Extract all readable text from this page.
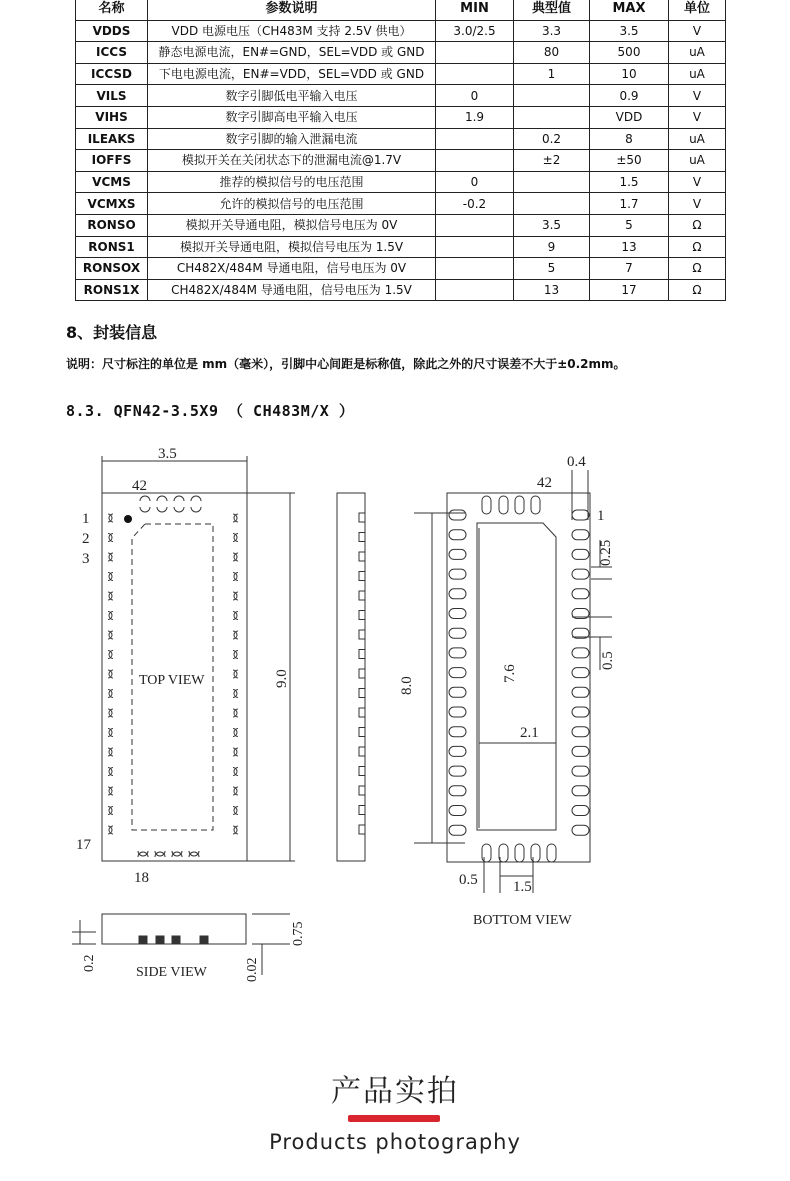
名称	参数说明	MIN	典型值	MAX	单位
VDDS	VDD 电源电压（CH483M 支持 2.5V 供电）	3.0/2.5	3.3	3.5	V
ICCS	静态电源电流，EN#=GND，SEL=VDD 或 GND		80	500	uA
ICCSD	下电电源电流，EN#=VDD，SEL=VDD 或 GND		1	10	uA
VILS	数字引脚低电平输入电压	0		0.9	V
VIHS	数字引脚高电平输入电压	1.9		VDD	V
ILEAKS	数字引脚的输入泄漏电流		0.2	8	uA
IOFFS	模拟开关在关闭状态下的泄漏电流@1.7V		±2	±50	uA
VCMS	推荐的模拟信号的电压范围	0		1.5	V
VCMXS	允许的模拟信号的电压范围	-0.2		1.7	V
RONSO	模拟开关导通电阻，模拟信号电压为 0V		3.5	5	Ω
RONS1	模拟开关导通电阻，模拟信号电压为 1.5V		9	13	Ω
RONSOX	CH482X/484M 导通电阻，信号电压为 0V		5	7	Ω
RONS1X	CH482X/484M 导通电阻，信号电压为 1.5V		13	17	Ω
8、封装信息
说明：尺寸标注的单位是 mm（毫米），引脚中心间距是标称值，除此之外的尺寸误差不大于±0.2mm。
8.3. QFN42-3.5X9 （ CH483M/X ）
3.5
42
1
2
3
17
18
TOP VIEW	9.0
0.4
42
1
0.25
0.5
8.0
7.6
2.1
0.5 1.5
BOTTOM VIEW
SIDE VIEW
0.75
0.2	0.02
产品实拍
Products photography
